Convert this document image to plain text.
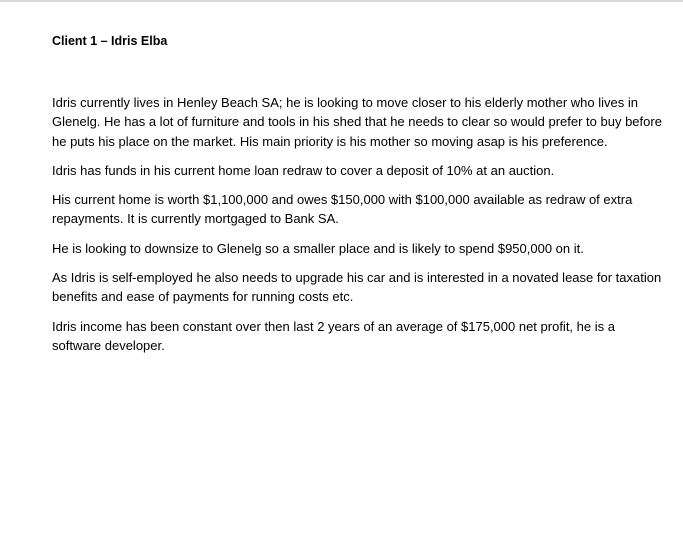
Client 1 – Idris Elba

Idris currently lives in Henley Beach SA; he is looking to move closer to his elderly mother who lives in Glenelg. He has a lot of furniture and tools in his shed that he needs to clear so would prefer to buy before he puts his place on the market. His main priority is his mother so moving asap is his preference.

Idris has funds in his current home loan redraw to cover a deposit of 10% at an auction.

His current home is worth $1,100,000 and owes $150,000 with $100,000 available as redraw of extra repayments. It is currently mortgaged to Bank SA.

He is looking to downsize to Glenelg so a smaller place and is likely to spend $950,000 on it.

As Idris is self-employed he also needs to upgrade his car and is interested in a novated lease for taxation benefits and ease of payments for running costs etc.

Idris income has been constant over then last 2 years of an average of $175,000 net profit, he is a software developer.
